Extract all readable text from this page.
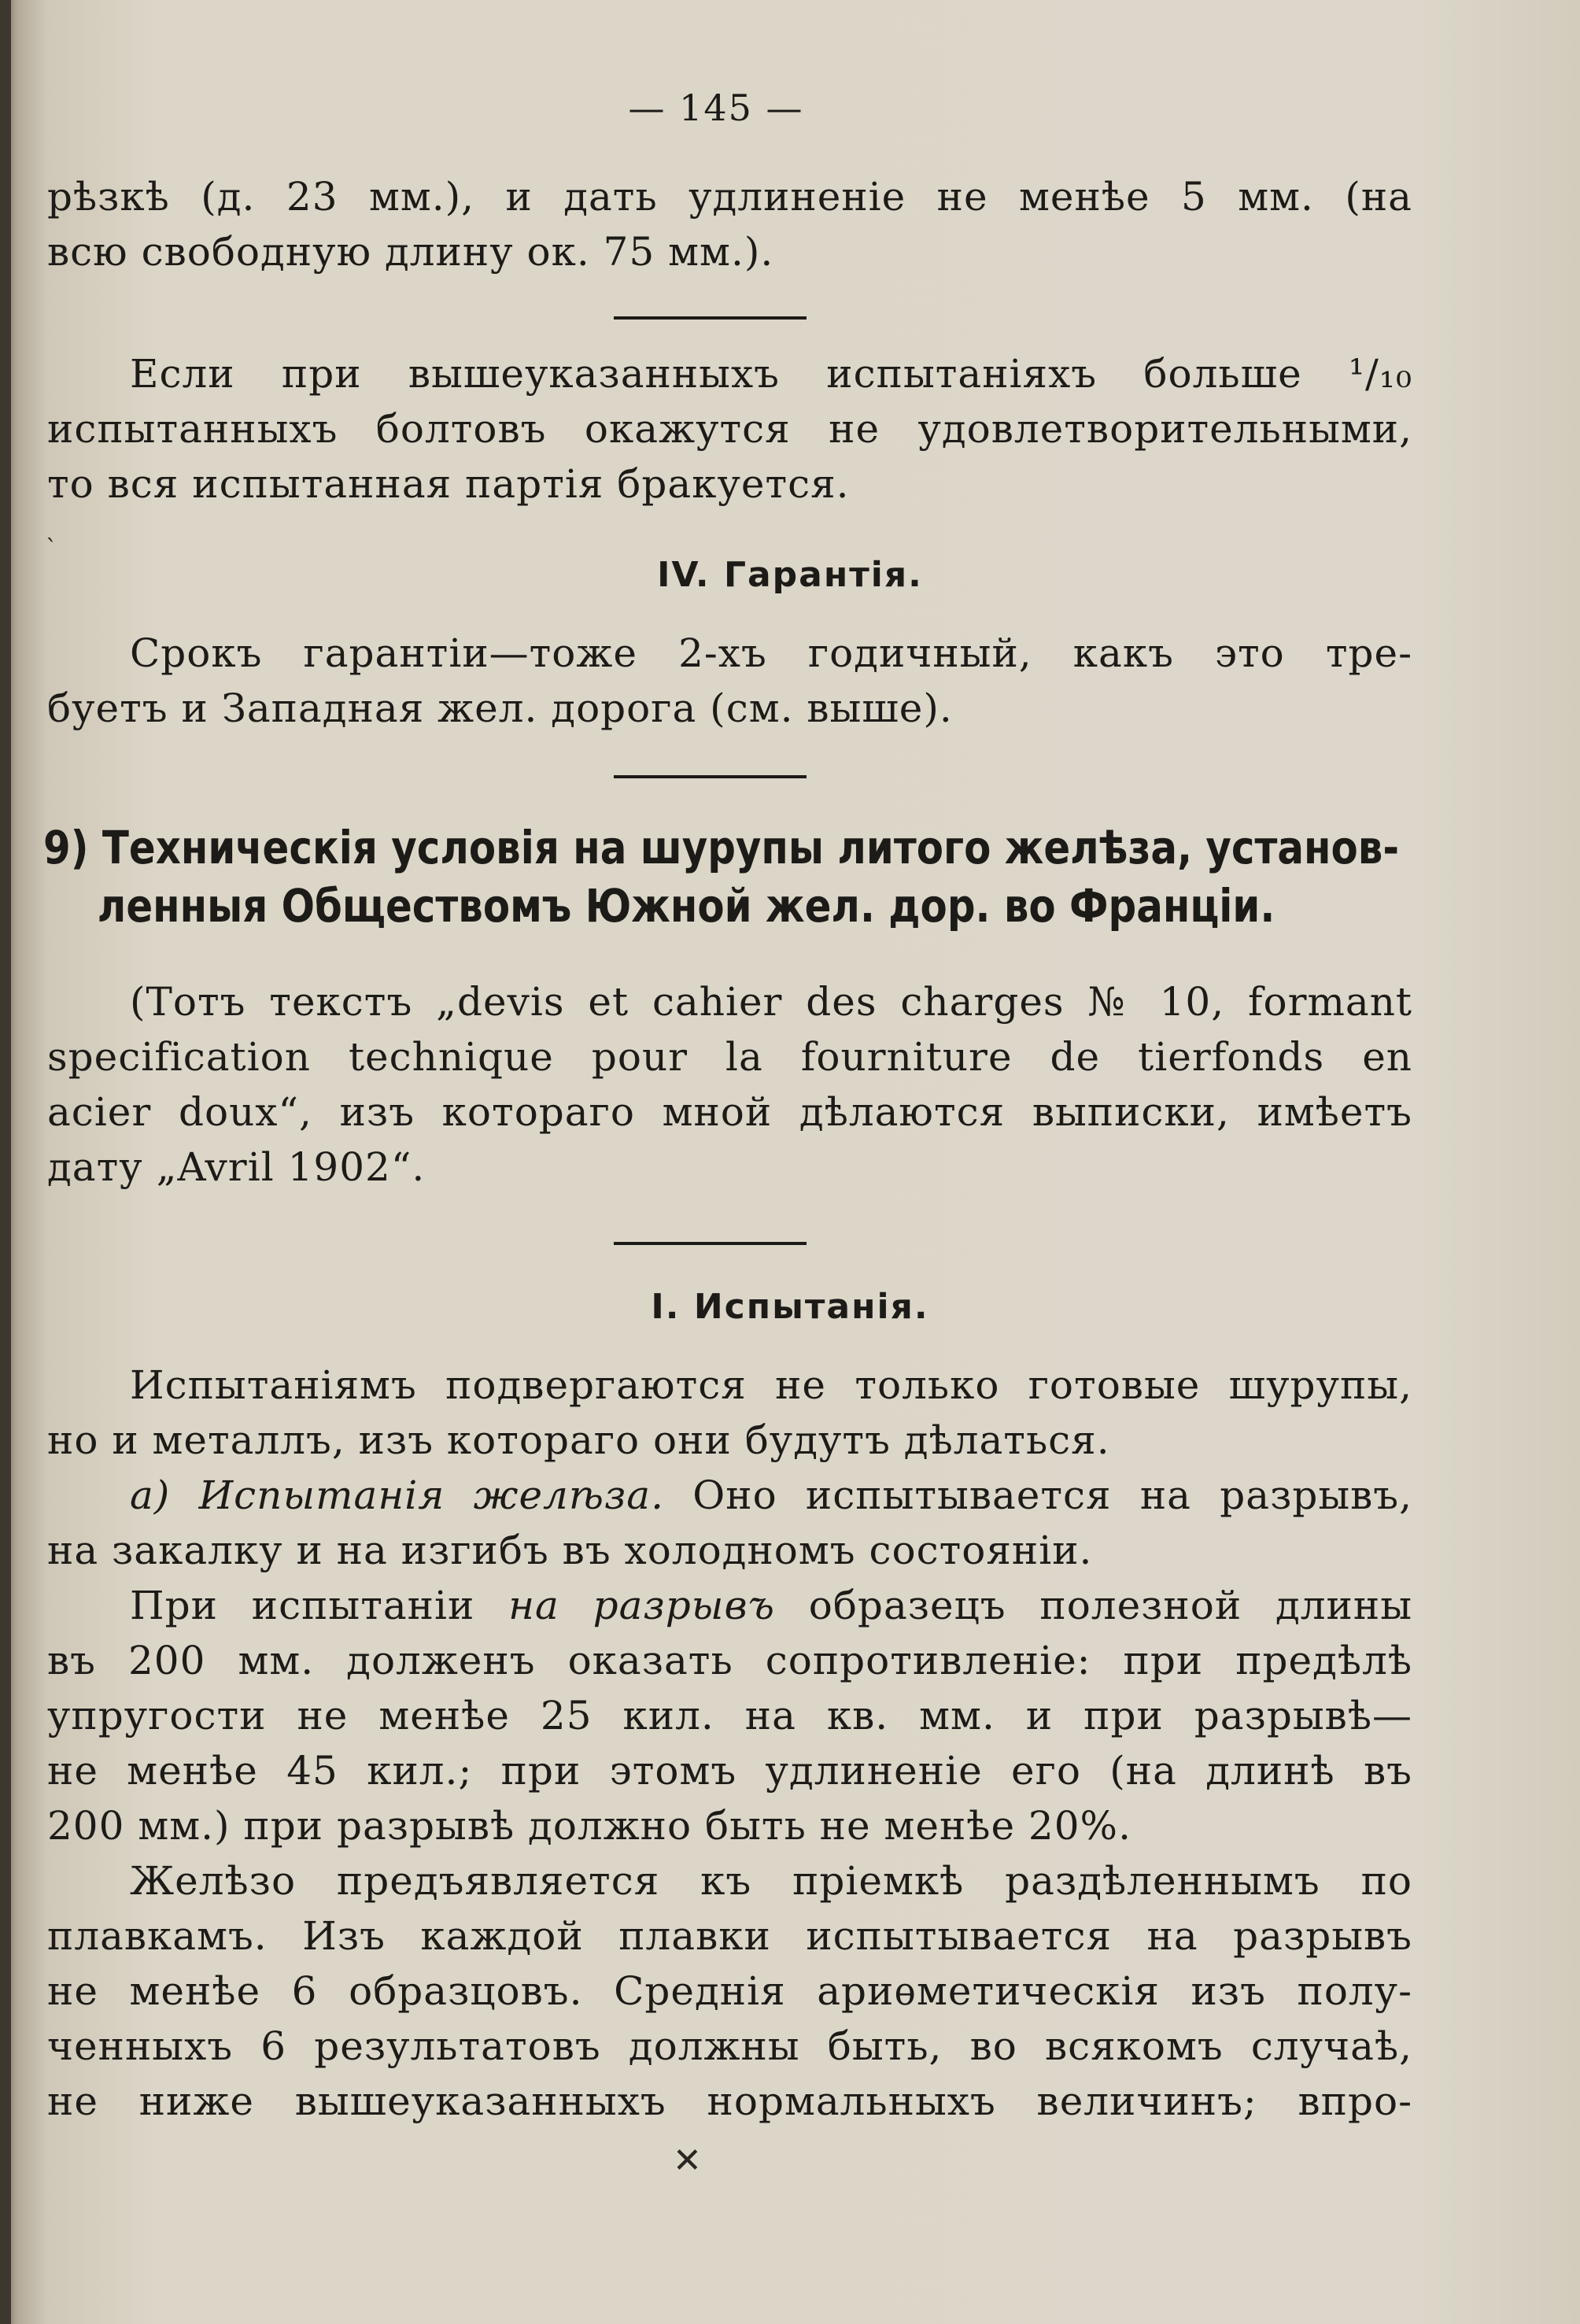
— 145 —
рѣзкѣ (д. 23 мм.), и дать удлиненіе не менѣе 5 мм. (на
всю свободную длину ок. 75 мм.).
Если при вышеуказанныхъ испытаніяхъ больше ¹/₁₀
испытанныхъ болтовъ окажутся не удовлетворительными,
то вся испытанная партія бракуется.
ˋ
IV. Гарантія.
Срокъ гарантіи—тоже 2-хъ годичный, какъ это тре-
буетъ и Западная жел. дорога (см. выше).
9) Техническія условія на шурупы литого желѣза, установ-
ленныя Обществомъ Южной жел. дор. во Франціи.
(Тотъ текстъ „devis et cahier des charges № 10, formant
specification technique pour la fourniture de tierfonds en
acier doux“, изъ котораго мной дѣлаются выписки, имѣетъ
дату „Avril 1902“.
I. Испытанія.
Испытаніямъ подвергаются не только готовые шурупы,
но и металлъ, изъ котораго они будутъ дѣлаться.
a) Испытанія желѣза. Оно испытывается на разрывъ,
на закалку и на изгибъ въ холодномъ состояніи.
При испытаніи на разрывъ образецъ полезной длины
въ 200 мм. долженъ оказать сопротивленіе: при предѣлѣ
упругости не менѣе 25 кил. на кв. мм. и при разрывѣ—
не менѣе 45 кил.; при этомъ удлиненіе его (на длинѣ въ
200 мм.) при разрывѣ должно быть не менѣе 20%.
Желѣзо предъявляется къ пріемкѣ раздѣленнымъ по
плавкамъ. Изъ каждой плавки испытывается на разрывъ
не менѣе 6 образцовъ. Среднія ариѳметическія изъ полу-
ченныхъ 6 результатовъ должны быть, во всякомъ случаѣ,
не ниже вышеуказанныхъ нормальныхъ величинъ; впро-
✕
